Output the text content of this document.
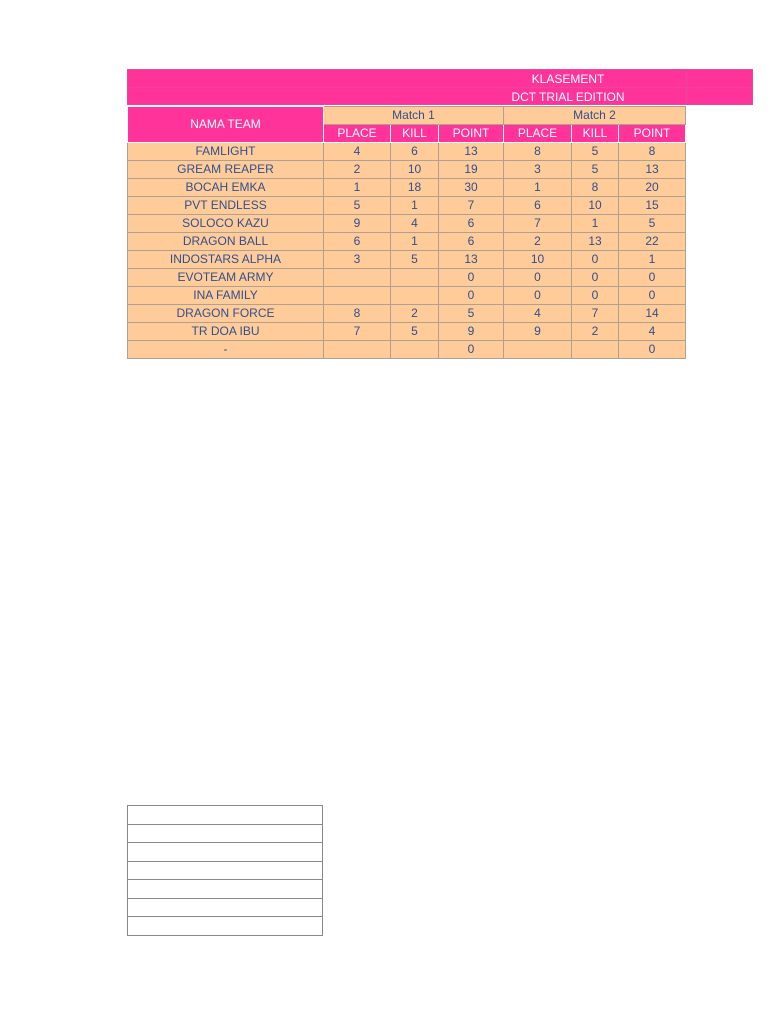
KLASEMENT
DCT TRIAL EDITION
NAMA TEAM	Match 1			Match 2		
	PLACE	KILL	POINT	PLACE	KILL	POINT
FAMLIGHT	4	6	13	8	5	8
GREAM REAPER	2	10	19	3	5	13
BOCAH EMKA	1	18	30	1	8	20
PVT ENDLESS	5	1	7	6	10	15
SOLOCO KAZU	9	4	6	7	1	5
DRAGON BALL	6	1	6	2	13	22
INDOSTARS ALPHA	3	5	13	10	0	1
EVOTEAM ARMY			0	0	0	0
INA FAMILY			0	0	0	0
DRAGON FORCE	8	2	5	4	7	14
TR DOA IBU	7	5	9	9	2	4
-			0			0
